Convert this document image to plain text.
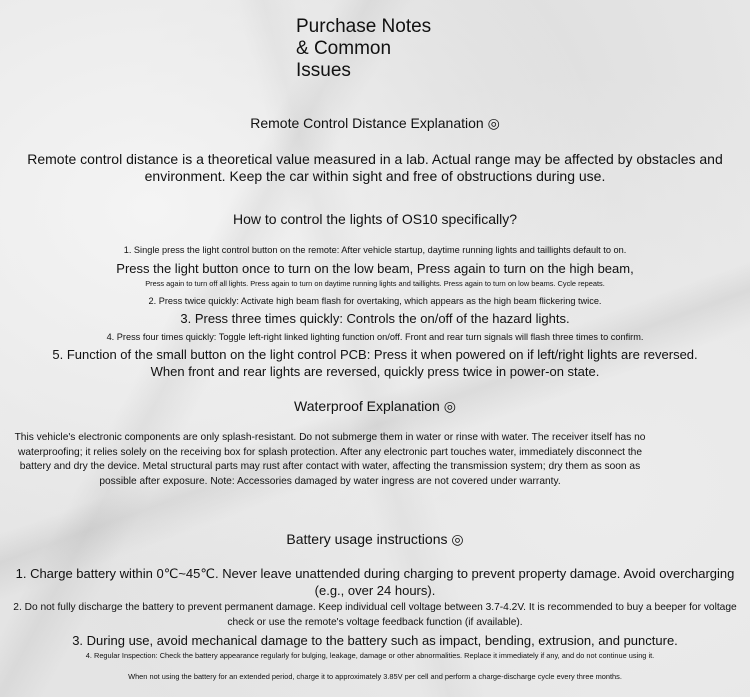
Purchase Notes
& Common
Issues
Remote Control Distance Explanation ◎

Remote control distance is a theoretical value measured in a lab. Actual range may be affected by obstacles and environment. Keep the car within sight and free of obstructions during use.

How to control the lights of OS10 specifically?

1. Single press the light control button on the remote: After vehicle startup, daytime running lights and taillights default to on.

Press the light button once to turn on the low beam, Press again to turn on the high beam,

Press again to turn off all lights. Press again to turn on daytime running lights and taillights. Press again to turn on low beams. Cycle repeats.

2. Press twice quickly: Activate high beam flash for overtaking, which appears as the high beam flickering twice.

3. Press three times quickly: Controls the on/off of the hazard lights.

4. Press four times quickly: Toggle left-right linked lighting function on/off. Front and rear turn signals will flash three times to confirm.

5. Function of the small button on the light control PCB: Press it when powered on if left/right lights are reversed.

When front and rear lights are reversed, quickly press twice in power-on state.

Waterproof Explanation ◎

This vehicle's electronic components are only splash-resistant. Do not submerge them in water or rinse with water. The receiver itself has no waterproofing; it relies solely on the receiving box for splash protection. After any electronic part touches water, immediately disconnect the battery and dry the device. Metal structural parts may rust after contact with water, affecting the transmission system; dry them as soon as possible after exposure. Note: Accessories damaged by water ingress are not covered under warranty.

Battery usage instructions ◎

1. Charge battery within 0℃~45℃. Never leave unattended during charging to prevent property damage. Avoid overcharging (e.g., over 24 hours).

2. Do not fully discharge the battery to prevent permanent damage. Keep individual cell voltage between 3.7-4.2V. It is recommended to buy a beeper for voltage check or use the remote's voltage feedback function (if available).

3. During use, avoid mechanical damage to the battery such as impact, bending, extrusion, and puncture.

4. Regular Inspection: Check the battery appearance regularly for bulging, leakage, damage or other abnormalities. Replace it immediately if any, and do not continue using it.

When not using the battery for an extended period, charge it to approximately 3.85V per cell and perform a charge-discharge cycle every three months.
